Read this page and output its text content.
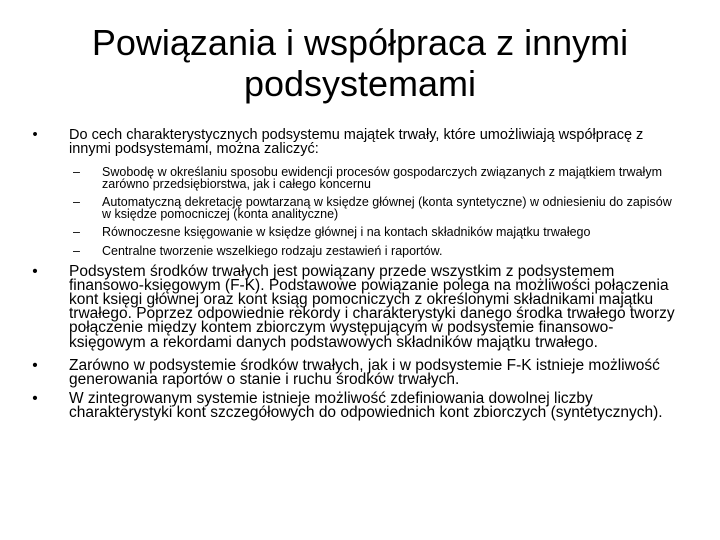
Powiązania i współpraca z innymi podsystemami
• Do cech charakterystycznych podsystemu majątek trwały, które umożliwiają współpracę z innymi podsystemami, można zaliczyć:
– Swobodę w określaniu sposobu ewidencji procesów gospodarczych związanych z majątkiem trwałym zarówno przedsiębiorstwa, jak i całego koncernu
– Automatyczną dekretację powtarzaną w księdze głównej (konta syntetyczne) w odniesieniu do zapisów w księdze pomocniczej (konta analityczne)
– Równoczesne księgowanie w księdze głównej i na kontach składników majątku trwałego
– Centralne tworzenie wszelkiego rodzaju zestawień i raportów.
• Podsystem środków trwałych jest powiązany przede wszystkim z podsystemem finansowo-księgowym (F-K). Podstawowe powiązanie polega na możliwości połączenia kont księgi głównej oraz kont ksiąg pomocniczych z określonymi składnikami majątku trwałego. Poprzez odpowiednie rekordy i charakterystyki danego środka trwałego tworzy połączenie między kontem zbiorczym występującym w podsystemie finansowo-księgowym a rekordami danych podstawowych składników majątku trwałego.
• Zarówno w podsystemie środków trwałych, jak i w podsystemie F-K istnieje możliwość generowania raportów o stanie i ruchu środków trwałych.
• W zintegrowanym systemie istnieje możliwość zdefiniowania dowolnej liczby charakterystyki kont szczegółowych do odpowiednich kont zbiorczych (syntetycznych).
